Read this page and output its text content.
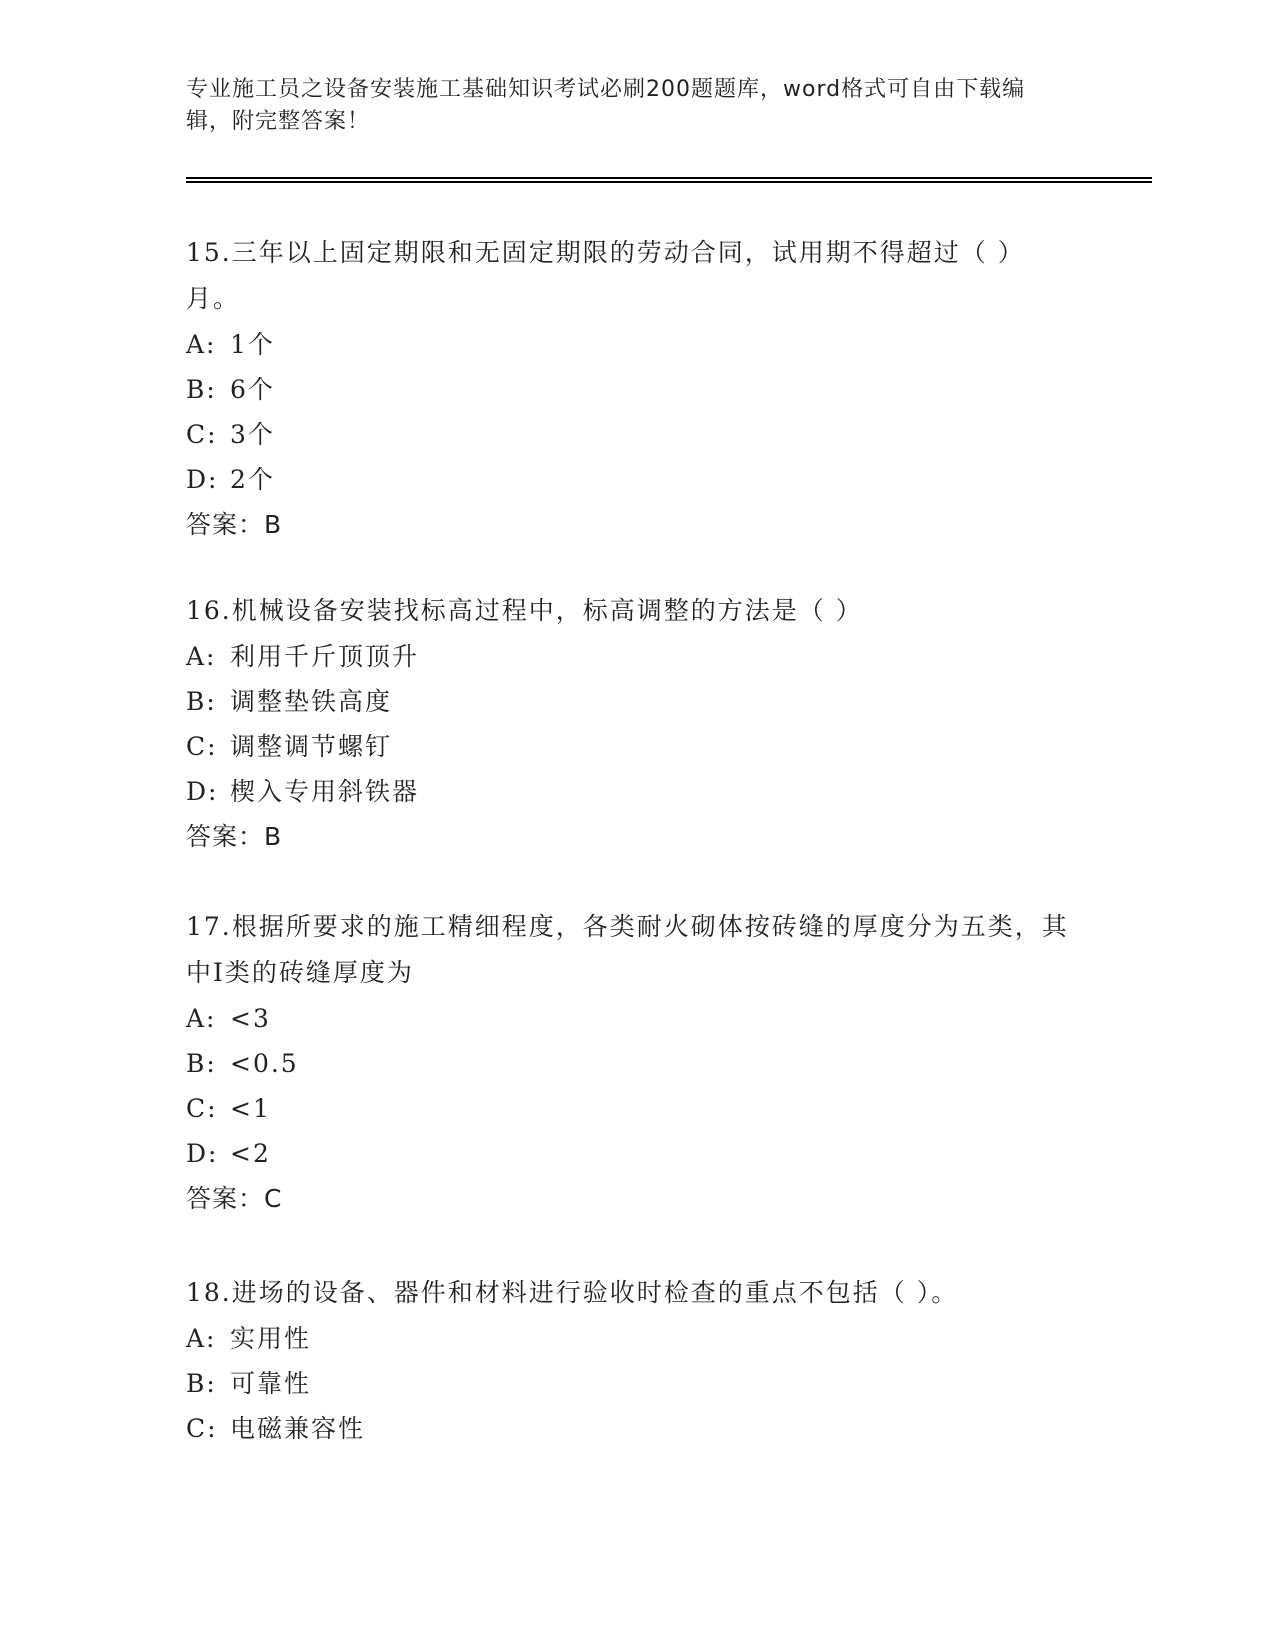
专业施工员之设备安装施工基础知识考试必刷200题题库，word格式可自由下载编辑，附完整答案！

15.三年以上固定期限和无固定期限的劳动合同，试用期不得超过（ ）月。

A: 1个
B: 6个
C: 3个
D: 2个
答案：B

16.机械设备安装找标高过程中，标高调整的方法是（ ）

A: 利用千斤顶顶升
B: 调整垫铁高度
C: 调整调节螺钉
D: 楔入专用斜铁器
答案：B

17.根据所要求的施工精细程度，各类耐火砌体按砖缝的厚度分为五类，其中I类的砖缝厚度为

A: <3
B: <0.5
C: <1
D: <2
答案：C

18.进场的设备、器件和材料进行验收时检查的重点不包括（ ）。

A: 实用性
B: 可靠性
C: 电磁兼容性
